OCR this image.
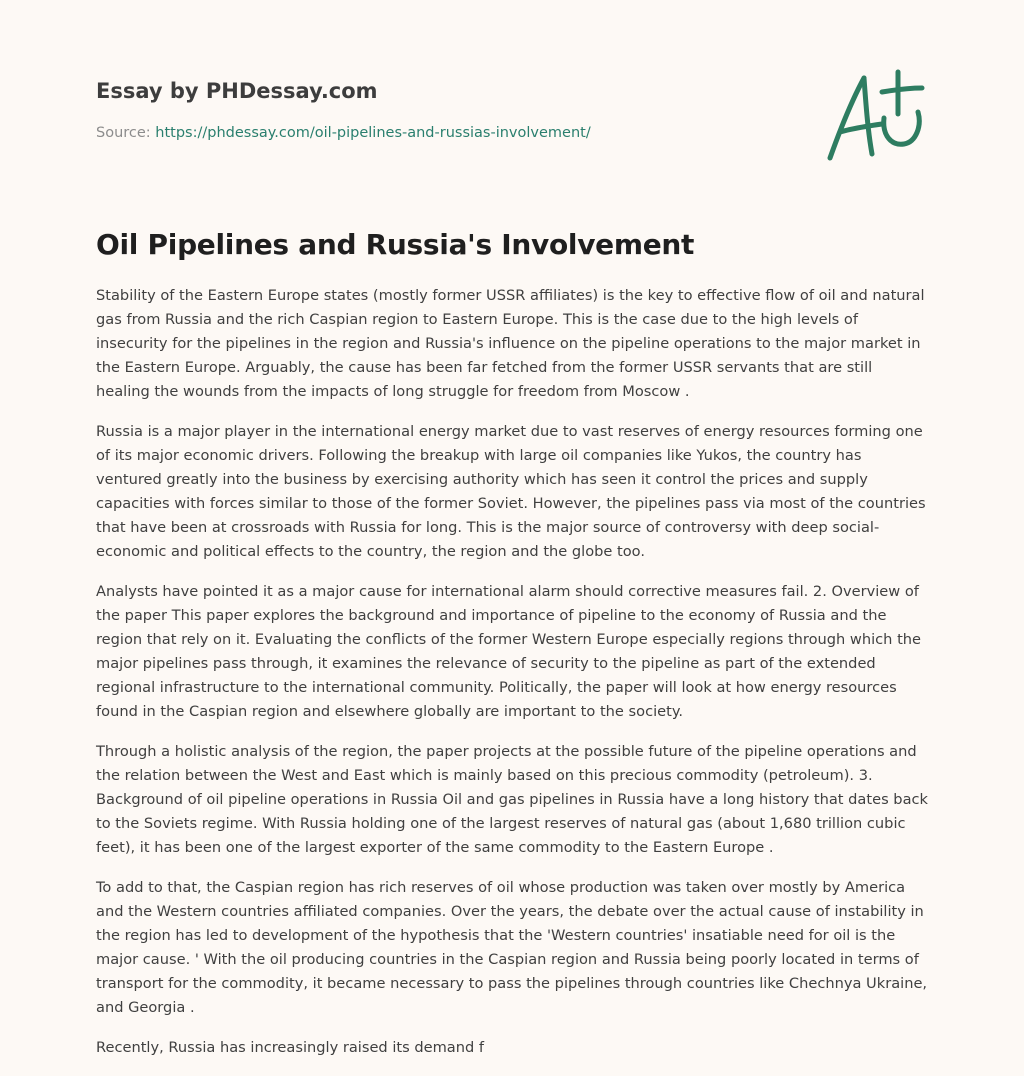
Essay by PHDessay.com

Source: https://phdessay.com/oil-pipelines-and-russias-involvement/

Oil Pipelines and Russia's Involvement

Stability of the Eastern Europe states (mostly former USSR affiliates) is the key to effective flow of oil and natural gas from Russia and the rich Caspian region to Eastern Europe. This is the case due to the high levels of insecurity for the pipelines in the region and Russia's influence on the pipeline operations to the major market in the Eastern Europe. Arguably, the cause has been far fetched from the former USSR servants that are still healing the wounds from the impacts of long struggle for freedom from Moscow .

Russia is a major player in the international energy market due to vast reserves of energy resources forming one of its major economic drivers. Following the breakup with large oil companies like Yukos, the country has ventured greatly into the business by exercising authority which has seen it control the prices and supply capacities with forces similar to those of the former Soviet. However, the pipelines pass via most of the countries that have been at crossroads with Russia for long. This is the major source of controversy with deep social-economic and political effects to the country, the region and the globe too.

Analysts have pointed it as a major cause for international alarm should corrective measures fail. 2. Overview of the paper This paper explores the background and importance of pipeline to the economy of Russia and the region that rely on it. Evaluating the conflicts of the former Western Europe especially regions through which the major pipelines pass through, it examines the relevance of security to the pipeline as part of the extended regional infrastructure to the international community. Politically, the paper will look at how energy resources found in the Caspian region and elsewhere globally are important to the society.

Through a holistic analysis of the region, the paper projects at the possible future of the pipeline operations and the relation between the West and East which is mainly based on this precious commodity (petroleum). 3. Background of oil pipeline operations in Russia Oil and gas pipelines in Russia have a long history that dates back to the Soviets regime. With Russia holding one of the largest reserves of natural gas (about 1,680 trillion cubic feet), it has been one of the largest exporter of the same commodity to the Eastern Europe .

To add to that, the Caspian region has rich reserves of oil whose production was taken over mostly by America and the Western countries affiliated companies. Over the years, the debate over the actual cause of instability in the region has led to development of the hypothesis that the 'Western countries' insatiable need for oil is the major cause. ' With the oil producing countries in the Caspian region and Russia being poorly located in terms of transport for the commodity, it became necessary to pass the pipelines through countries like Chechnya Ukraine, and Georgia .

Recently, Russia has increasingly raised its demand f
